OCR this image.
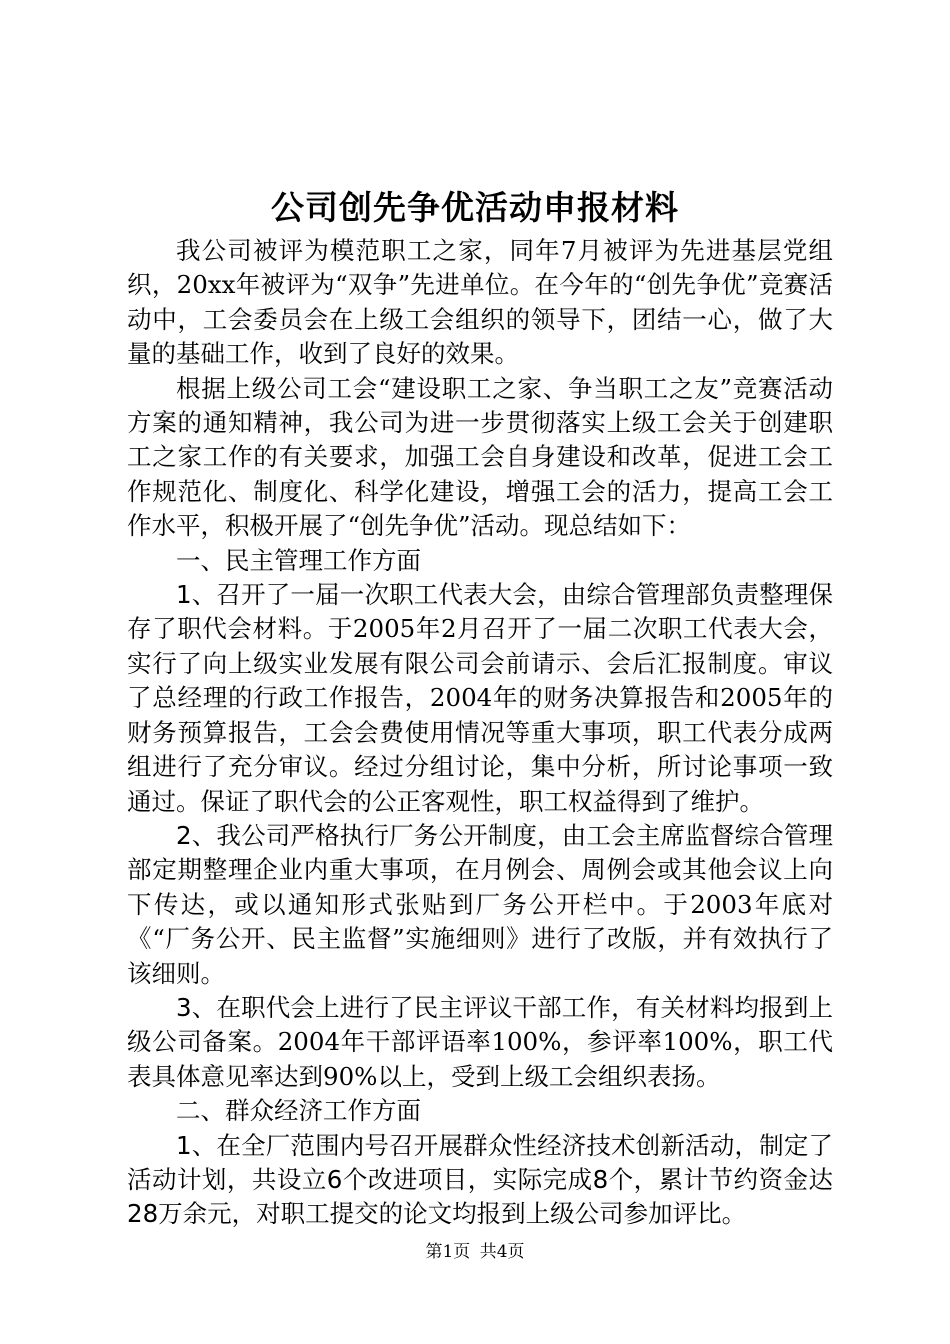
公司创先争优活动申报材料

我公司被评为模范职工之家，同年7月被评为先进基层党组织，20xx年被评为“双争”先进单位。在今年的“创先争优”竞赛活动中，工会委员会在上级工会组织的领导下，团结一心，做了大量的基础工作，收到了良好的效果。

根据上级公司工会“建设职工之家、争当职工之友”竞赛活动方案的通知精神，我公司为进一步贯彻落实上级工会关于创建职工之家工作的有关要求，加强工会自身建设和改革，促进工会工作规范化、制度化、科学化建设，增强工会的活力，提高工会工作水平，积极开展了“创先争优”活动。现总结如下：

一、民主管理工作方面

1、召开了一届一次职工代表大会，由综合管理部负责整理保存了职代会材料。于2005年2月召开了一届二次职工代表大会，实行了向上级实业发展有限公司会前请示、会后汇报制度。审议了总经理的行政工作报告，2004年的财务决算报告和2005年的财务预算报告，工会会费使用情况等重大事项，职工代表分成两组进行了充分审议。经过分组讨论，集中分析，所讨论事项一致通过。保证了职代会的公正客观性，职工权益得到了维护。

2、我公司严格执行厂务公开制度，由工会主席监督综合管理部定期整理企业内重大事项，在月例会、周例会或其他会议上向下传达，或以通知形式张贴到厂务公开栏中。于2003年底对《“厂务公开、民主监督”实施细则》进行了改版，并有效执行了该细则。

3、在职代会上进行了民主评议干部工作，有关材料均报到上级公司备案。2004年干部评语率100%，参评率100%，职工代表具体意见率达到90%以上，受到上级工会组织表扬。

二、群众经济工作方面

1、在全厂范围内号召开展群众性经济技术创新活动，制定了活动计划，共设立6个改进项目，实际完成8个，累计节约资金达28万余元，对职工提交的论文均报到上级公司参加评比。

第1页 共4页
